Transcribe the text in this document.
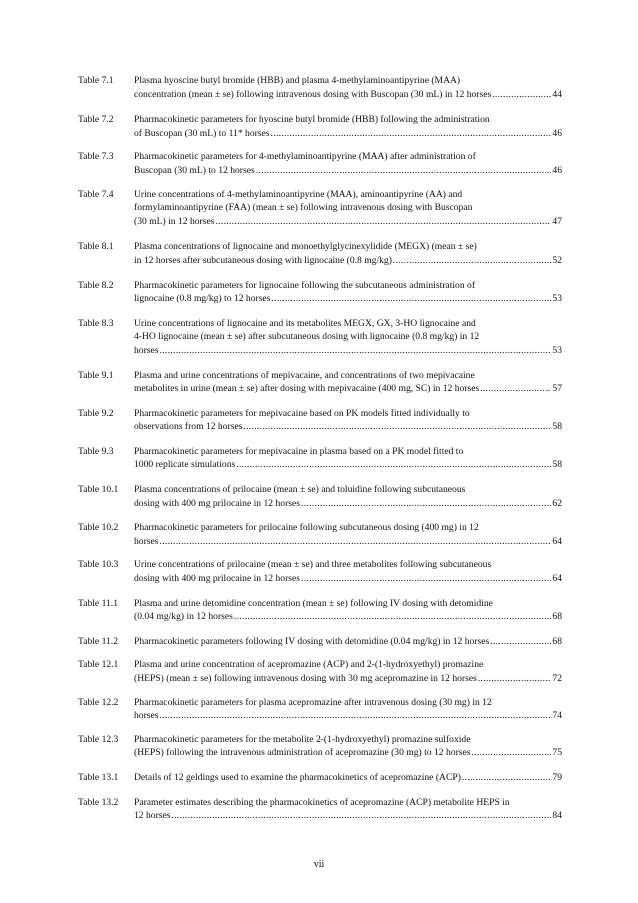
Table 7.1	Plasma hyoscine butyl bromide (HBB) and plasma 4-methylaminoantipyrine (MAA)
concentration (mean ± se) following intravenous dosing with Buscopan (30 mL) in 12 horses .....	44
Table 7.2	Pharmacokinetic parameters for hyoscine butyl bromide (HBB) following the administration
of Buscopan (30 mL) to 11* horses .....	46
Table 7.3	Pharmacokinetic parameters for 4-methylaminoantipyrine (MAA) after administration of
Buscopan (30 mL) to 12 horses .....	46
Table 7.4	Urine concentrations of 4-methylaminoantipyrine (MAA), aminoantipyrine (AA) and
formylaminoantipyrine (FAA) (mean ± se) following intravenous dosing with Buscopan
(30 mL) in 12 horses .....	47
Table 8.1	Plasma concentrations of lignocaine and monoethylglycinexylidide (MEGX) (mean ± se)
in 12 horses after subcutaneous dosing with lignocaine (0.8 mg/kg) .....	52
Table 8.2	Pharmacokinetic parameters for lignocaine following the subcutaneous administration of
lignocaine (0.8 mg/kg) to 12 horses .....	53
Table 8.3	Urine concentrations of lignocaine and its metabolites MEGX, GX, 3-HO lignocaine and
4-HO lignocaine (mean ± se) after subcutaneous dosing with lignocaine (0.8 mg/kg) in 12
horses .....	53
Table 9.1	Plasma and urine concentrations of mepivacaine, and concentrations of two mepivacaine
metabolites in urine (mean ± se) after dosing with mepivacaine (400 mg, SC) in 12 horses .....	57
Table 9.2	Pharmacokinetic parameters for mepivacaine based on PK models fitted individually to
observations from 12 horses .....	58
Table 9.3	Pharmacokinetic parameters for mepivacaine in plasma based on a PK model fitted to
1000 replicate simulations .....	58
Table 10.1	Plasma concentrations of prilocaine (mean ± se) and toluidine following subcutaneous
dosing with 400 mg prilocaine in 12 horses .....	62
Table 10.2	Pharmacokinetic parameters for prilocaine following subcutaneous dosing (400 mg) in 12
horses .....	64
Table 10.3	Urine concentrations of prilocaine (mean ± se) and three metabolites following subcutaneous
dosing with 400 mg prilocaine in 12 horses .....	64
Table 11.1	Plasma and urine detomidine concentration (mean ± se) following IV dosing with detomidine
(0.04 mg/kg) in 12 horses .....	68
Table 11.2	Pharmacokinetic parameters following IV dosing with detomidine (0.04 mg/kg) in 12 horses .....	68
Table 12.1	Plasma and urine concentration of acepromazine (ACP) and 2-(1-hydroxyethyl) promazine
(HEPS) (mean ± se) following intravenous dosing with 30 mg acepromazine in 12 horses .....	72
Table 12.2	Pharmacokinetic parameters for plasma acepromazine after intravenous dosing (30 mg) in 12
horses .....	74
Table 12.3	Pharmacokinetic parameters for the metabolite 2-(1-hydroxyethyl) promazine sulfoxide
(HEPS) following the intravenous administration of acepromazine (30 mg) to 12 horses .....	75
Table 13.1	Details of 12 geldings used to examine the pharmacokinetics of acepromazine (ACP) .....	79
Table 13.2	Parameter estimates describing the pharmacokinetics of acepromazine (ACP) metabolite HEPS in
12 horses .....	84
vii
